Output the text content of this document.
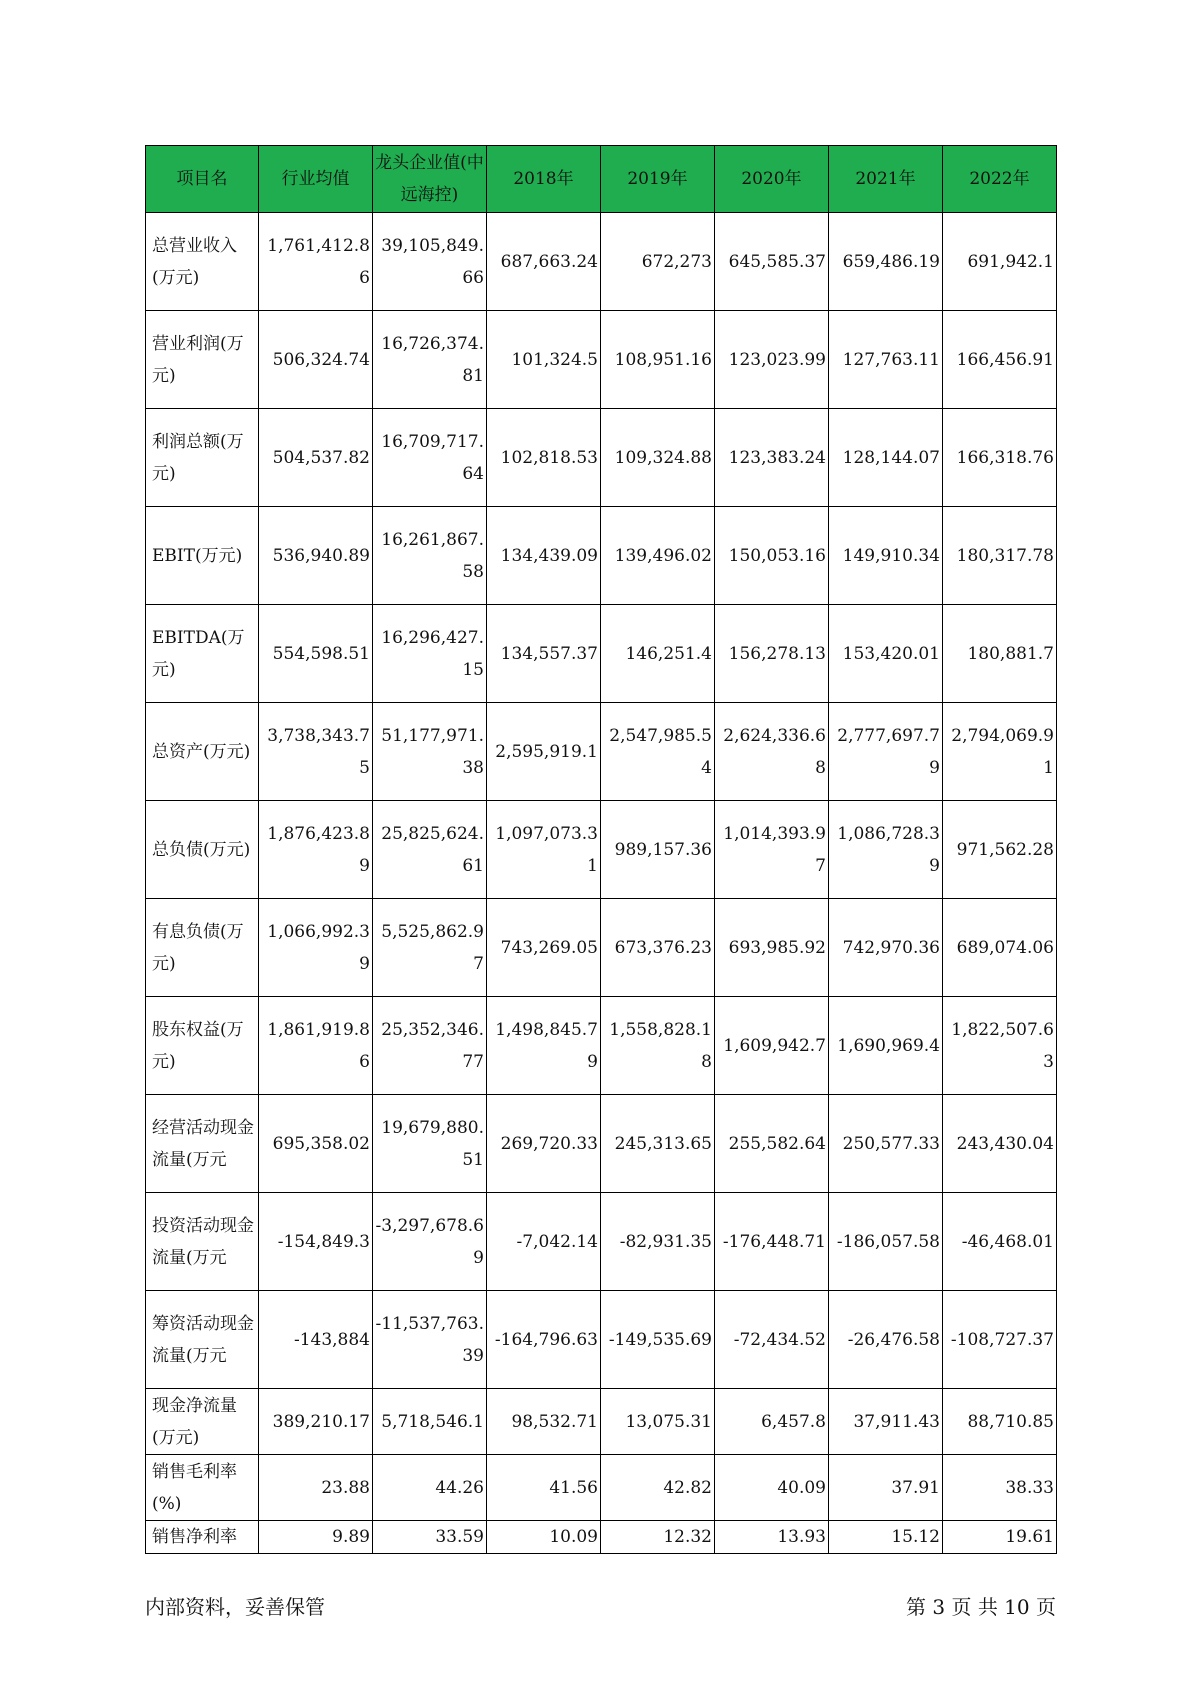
项目名	行业均值	龙头企业值(中远海控)	2018年	2019年	2020年	2021年	2022年
总营业收入(万元)	1,761,412.86	39,105,849.66	687,663.24	672,273	645,585.37	659,486.19	691,942.1
营业利润(万元)	506,324.74	16,726,374.81	101,324.5	108,951.16	123,023.99	127,763.11	166,456.91
利润总额(万元)	504,537.82	16,709,717.64	102,818.53	109,324.88	123,383.24	128,144.07	166,318.76
EBIT(万元)	536,940.89	16,261,867.58	134,439.09	139,496.02	150,053.16	149,910.34	180,317.78
EBITDA(万元)	554,598.51	16,296,427.15	134,557.37	146,251.4	156,278.13	153,420.01	180,881.7
总资产(万元)	3,738,343.75	51,177,971.38	2,595,919.1	2,547,985.54	2,624,336.68	2,777,697.79	2,794,069.91
总负债(万元)	1,876,423.89	25,825,624.61	1,097,073.31	989,157.36	1,014,393.97	1,086,728.39	971,562.28
有息负债(万元)	1,066,992.39	5,525,862.97	743,269.05	673,376.23	693,985.92	742,970.36	689,074.06
股东权益(万元)	1,861,919.86	25,352,346.77	1,498,845.79	1,558,828.18	1,609,942.7	1,690,969.4	1,822,507.63
经营活动现金流量(万元	695,358.02	19,679,880.51	269,720.33	245,313.65	255,582.64	250,577.33	243,430.04
投资活动现金流量(万元	-154,849.3	-3,297,678.69	-7,042.14	-82,931.35	-176,448.71	-186,057.58	-46,468.01
筹资活动现金流量(万元	-143,884	-11,537,763.39	-164,796.63	-149,535.69	-72,434.52	-26,476.58	-108,727.37
现金净流量(万元)	389,210.17	5,718,546.1	98,532.71	13,075.31	6,457.8	37,911.43	88,710.85
销售毛利率(%)	23.88	44.26	41.56	42.82	40.09	37.91	38.33
销售净利率	9.89	33.59	10.09	12.32	13.93	15.12	19.61
内部资料，妥善保管	第 3 页 共 10 页
